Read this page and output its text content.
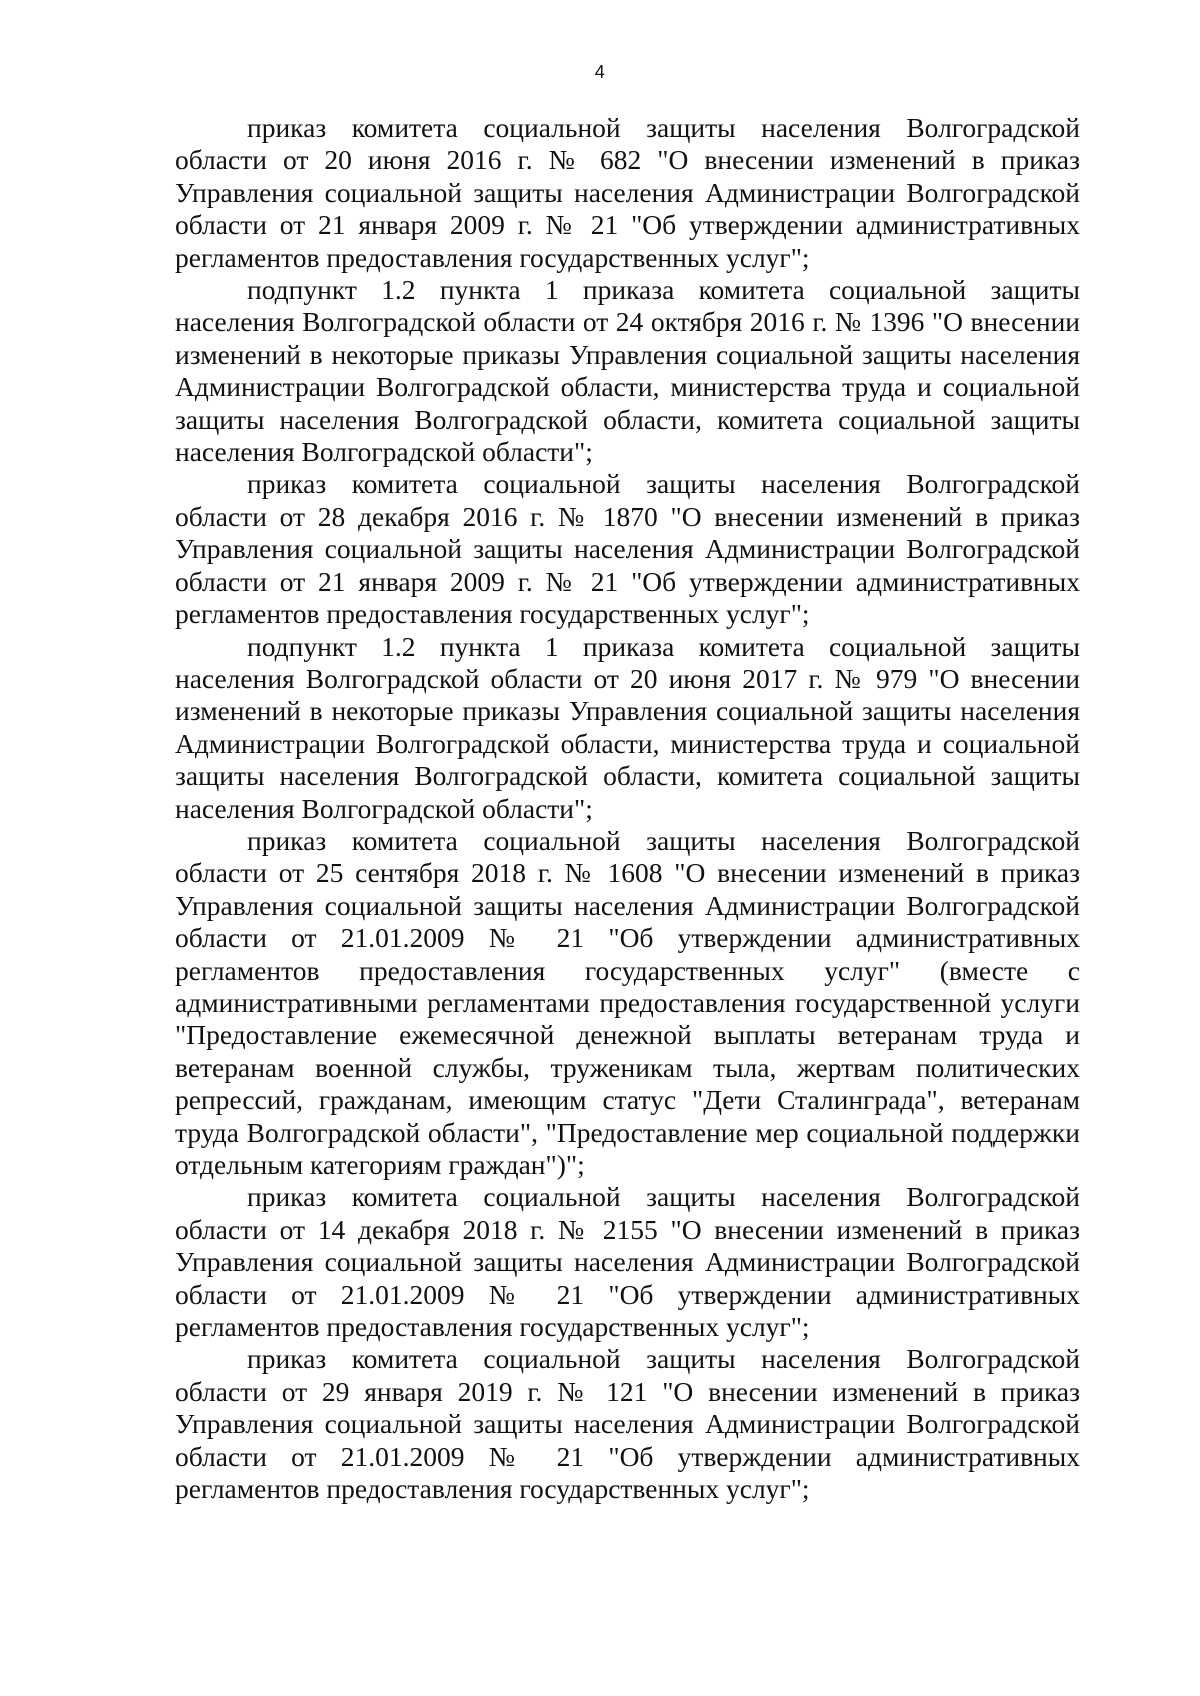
4

приказ комитета социальной защиты населения Волгоградской области от 20 июня 2016 г. № 682 "О внесении изменений в приказ Управления социальной защиты населения Администрации Волгоградской области от 21 января 2009 г. № 21 "Об утверждении административных регламентов предоставления государственных услуг";

подпункт 1.2 пункта 1 приказа комитета социальной защиты населения Волгоградской области от 24 октября 2016 г. № 1396 "О внесении изменений в некоторые приказы Управления социальной защиты населения Администрации Волгоградской области, министерства труда и социальной защиты населения Волгоградской области, комитета социальной защиты населения Волгоградской области";

приказ комитета социальной защиты населения Волгоградской области от 28 декабря 2016 г. № 1870 "О внесении изменений в приказ Управления социальной защиты населения Администрации Волгоградской области от 21 января 2009 г. № 21 "Об утверждении административных регламентов предоставления государственных услуг";

подпункт 1.2 пункта 1 приказа комитета социальной защиты населения Волгоградской области от 20 июня 2017 г. № 979 "О внесении изменений в некоторые приказы Управления социальной защиты населения Администрации Волгоградской области, министерства труда и социальной защиты населения Волгоградской области, комитета социальной защиты населения Волгоградской области";

приказ комитета социальной защиты населения Волгоградской области от 25 сентября 2018 г. № 1608 "О внесении изменений в приказ Управления социальной защиты населения Администрации Волгоградской области от 21.01.2009 № 21 "Об утверждении административных регламентов предоставления государственных услуг" (вместе с административными регламентами предоставления государственной услуги "Предоставление ежемесячной денежной выплаты ветеранам труда и ветеранам военной службы, труженикам тыла, жертвам политических репрессий, гражданам, имеющим статус "Дети Сталинграда", ветеранам труда Волгоградской области", "Предоставление мер социальной поддержки отдельным категориям граждан")";

приказ комитета социальной защиты населения Волгоградской области от 14 декабря 2018 г. № 2155 "О внесении изменений в приказ Управления социальной защиты населения Администрации Волгоградской области от 21.01.2009 № 21 "Об утверждении административных регламентов предоставления государственных услуг";

приказ комитета социальной защиты населения Волгоградской области от 29 января 2019 г. № 121 "О внесении изменений в приказ Управления социальной защиты населения Администрации Волгоградской области от 21.01.2009 № 21 "Об утверждении административных регламентов предоставления государственных услуг";
